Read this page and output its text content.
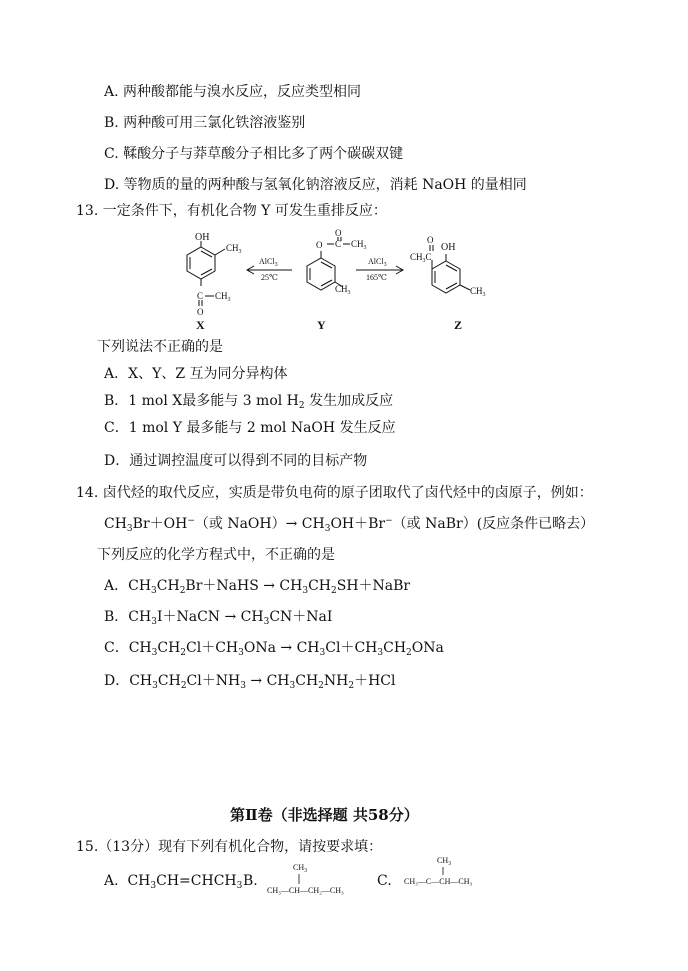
A. 两种酸都能与溴水反应，反应类型相同
B. 两种酸可用三氯化铁溶液鉴别
C. 鞣酸分子与莽草酸分子相比多了两个碳碳双键
D. 等物质的量的两种酸与氢氧化钠溶液反应，消耗 NaOH 的量相同
13. 一定条件下，有机化合物 Y 可发生重排反应：
OH
$CH_3$
C $CH_3$
O
X
AlCl$_3$
25℃
O
O
C $CH_3$
$CH_3$
Y
AlCl$_3$
165℃
O
$CH_3C$
OH
$CH_3$
Z
下列说法不正确的是
A．X、Y、Z 互为同分异构体
B．1 mol X最多能与 3 mol $H_2$ 发生加成反应
C．1 mol Y 最多能与 2 mol NaOH 发生反应
D．通过调控温度可以得到不同的目标产物
14. 卤代烃的取代反应，实质是带负电荷的原子团取代了卤代烃中的卤原子，例如：
$CH_3Br+OH^-$（或 NaOH）→ $CH_3OH+Br^-$（或 NaBr）(反应条件已略去）
下列反应的化学方程式中，不正确的是
A．$CH_3CH_2Br+NaHS$ → $CH_3CH_2SH+NaBr$
B．$CH_3I+NaCN \to CH_3CN+NaI$
C．$CH_3CH_2Cl+CH_3ONa \to CH_3Cl+CH_3CH_2ONa$
D．$CH_3CH_2Cl+NH_3 \to CH_3CH_2NH_2+HCl$
第Ⅱ卷（非选择题 共58分）
15.（13分）现有下列有机化合物，请按要求填：
A. $CH_3CH=CHCH_3$ B.
$CH_3$
CH₃—CH—CH₂—CH₃
C.
$CH_3$
CH₃—C—CH—CH₃
